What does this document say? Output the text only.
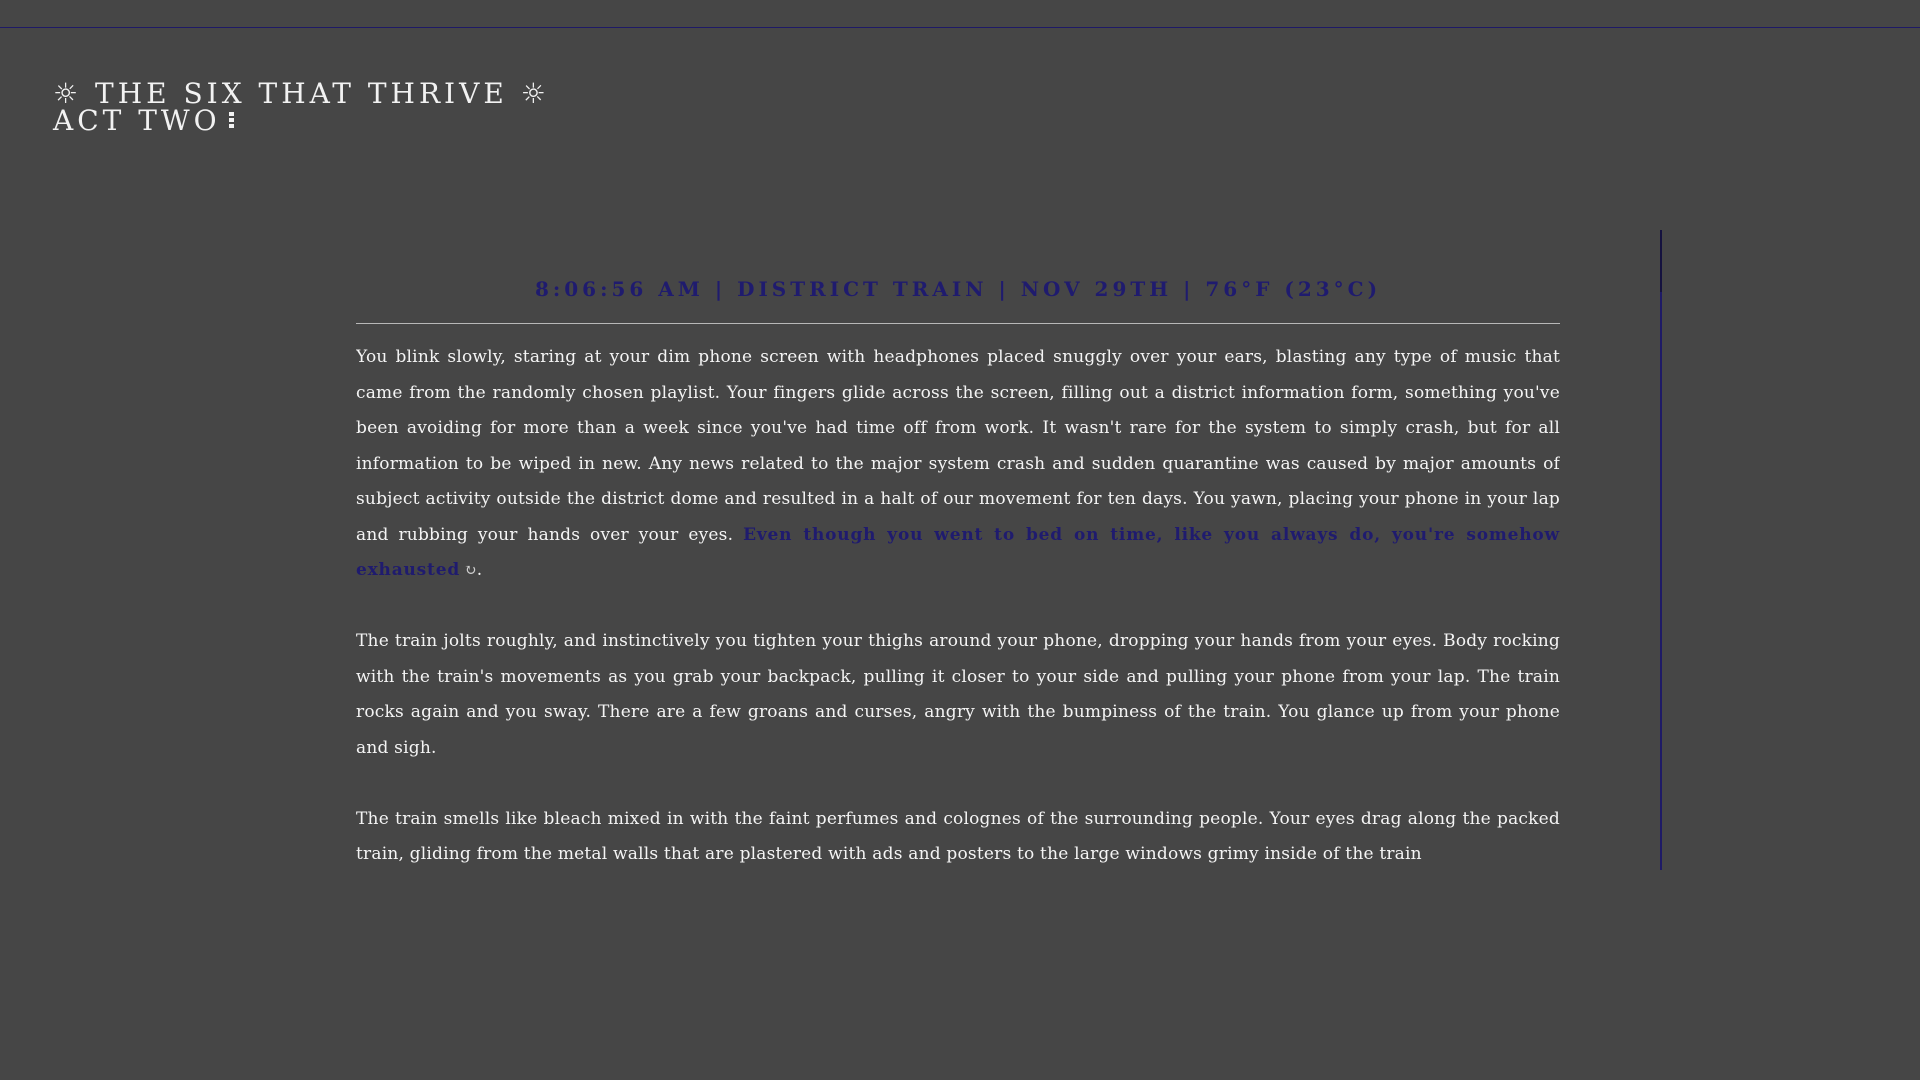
☼ THE SIX THAT THRIVE ☼
ACT TWO
8:06:56 AM | DISTRICT TRAIN | NOV 29TH | 76°F (23°C)

You blink slowly, staring at your dim phone screen with headphones placed snuggly over your ears, blasting any type of music that came from the randomly chosen playlist. Your fingers glide across the screen, filling out a district information form, something you've been avoiding for more than a week since you've had time off from work. It wasn't rare for the system to simply crash, but for all information to be wiped in new. Any news related to the major system crash and sudden quarantine was caused by major amounts of subject activity outside the district dome and resulted in a halt of our movement for ten days. You yawn, placing your phone in your lap and rubbing your hands over your eyes. Even though you went to bed on time, like you always do, you're somehow exhausted ↻.

The train jolts roughly, and instinctively you tighten your thighs around your phone, dropping your hands from your eyes. Body rocking with the train's movements as you grab your backpack, pulling it closer to your side and pulling your phone from your lap. The train rocks again and you sway. There are a few groans and curses, angry with the bumpiness of the train. You glance up from your phone and sigh.

The train smells like bleach mixed in with the faint perfumes and colognes of the surrounding people. Your eyes drag along the packed train, gliding from the metal walls that are plastered with ads and posters to the large windows grimy inside of the train
